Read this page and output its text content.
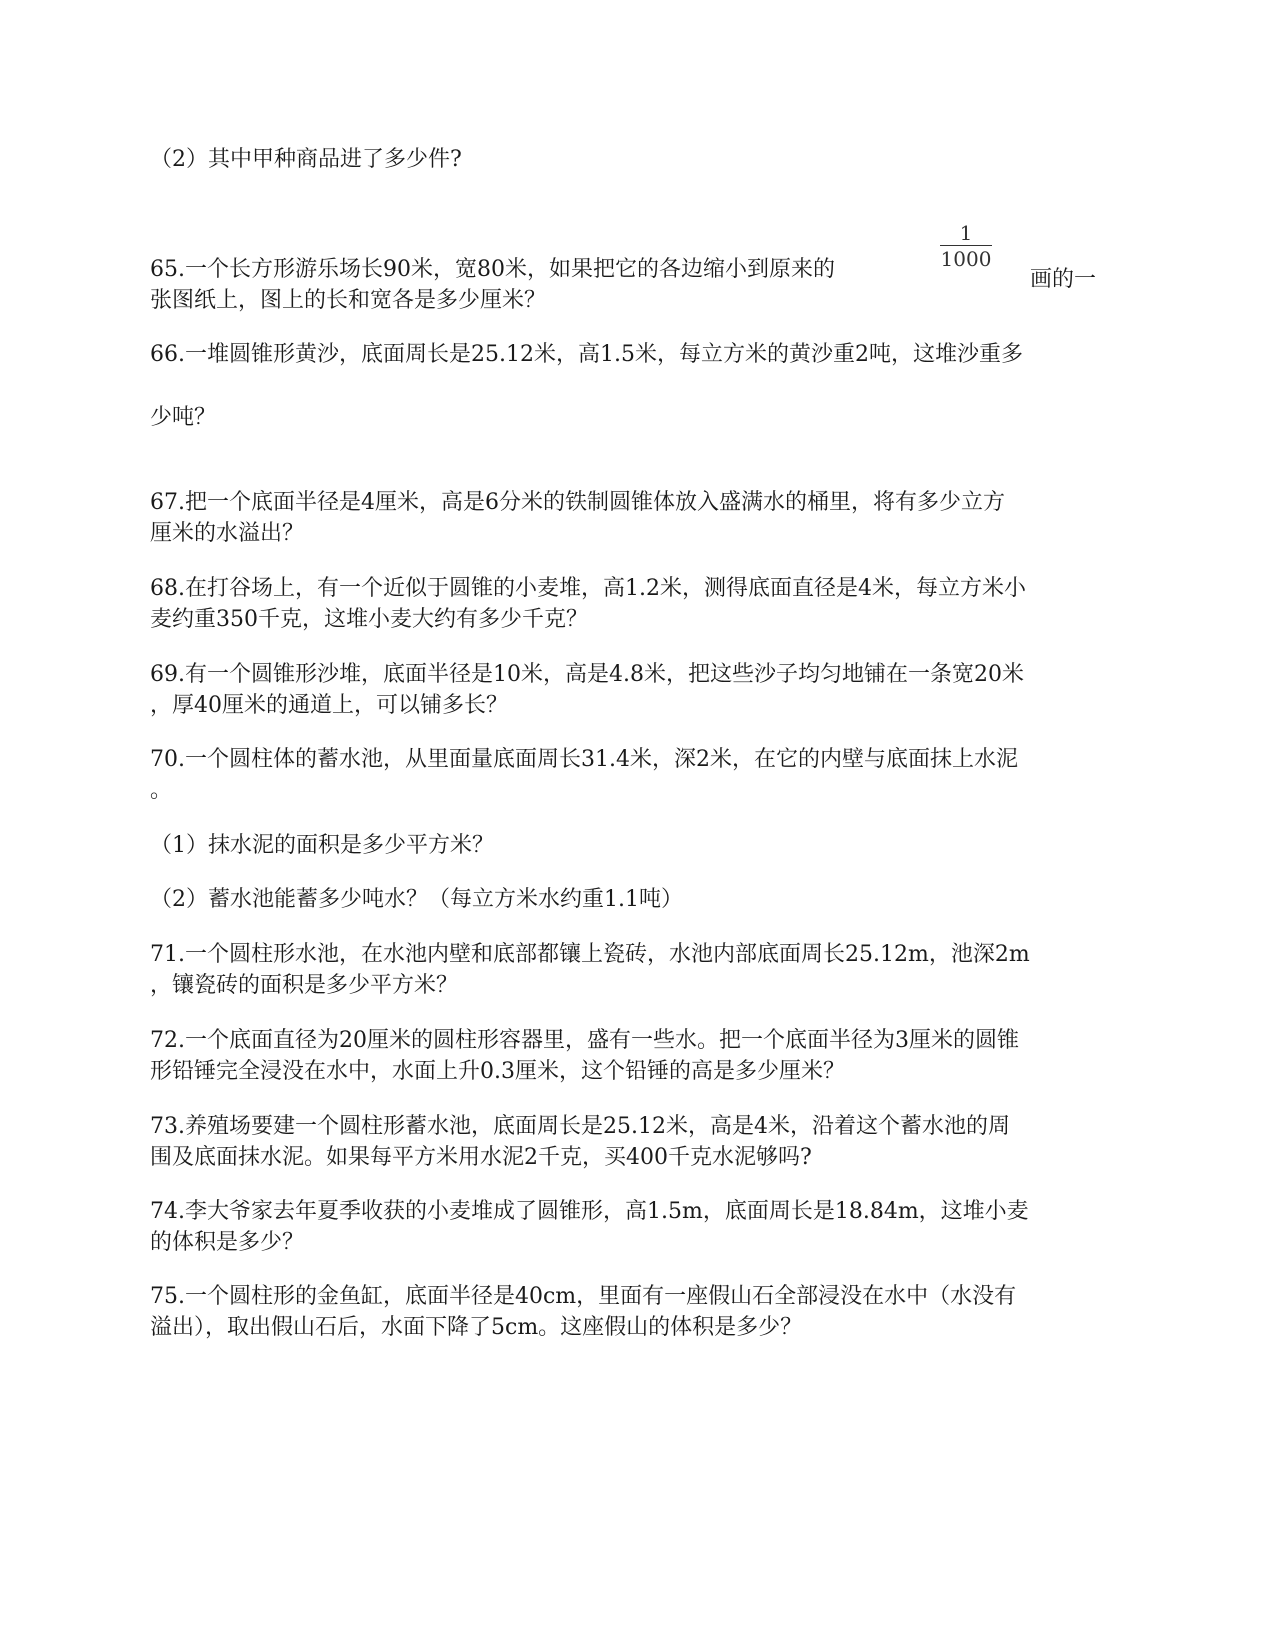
（2）其中甲种商品进了多少件?
65.一个长方形游乐场长90米，宽80米，如果把它的各边缩小到原来的
1
1000
画的一
张图纸上，图上的长和宽各是多少厘米？
66.一堆圆锥形黄沙，底面周长是25.12米，高1.5米，每立方米的黄沙重2吨，这堆沙重多
少吨？
67.把一个底面半径是4厘米，高是6分米的铁制圆锥体放入盛满水的桶里，将有多少立方
厘米的水溢出？
68.在打谷场上，有一个近似于圆锥的小麦堆，高1.2米，测得底面直径是4米，每立方米小
麦约重350千克，这堆小麦大约有多少千克？
69.有一个圆锥形沙堆，底面半径是10米，高是4.8米，把这些沙子均匀地铺在一条宽20米
，厚40厘米的通道上，可以铺多长？
70.一个圆柱体的蓄水池，从里面量底面周长31.4米，深2米，在它的内壁与底面抹上水泥
。
（1）抹水泥的面积是多少平方米？
（2）蓄水池能蓄多少吨水？（每立方米水约重1.1吨）
71.一个圆柱形水池，在水池内壁和底部都镶上瓷砖，水池内部底面周长25.12m，池深2m
，镶瓷砖的面积是多少平方米？
72.一个底面直径为20厘米的圆柱形容器里，盛有一些水。把一个底面半径为3厘米的圆锥
形铅锤完全浸没在水中，水面上升0.3厘米，这个铅锤的高是多少厘米？
73.养殖场要建一个圆柱形蓄水池，底面周长是25.12米，高是4米，沿着这个蓄水池的周
围及底面抹水泥。如果每平方米用水泥2千克，买400千克水泥够吗?
74.李大爷家去年夏季收获的小麦堆成了圆锥形，高1.5m，底面周长是18.84m，这堆小麦
的体积是多少？
75.一个圆柱形的金鱼缸，底面半径是40cm，里面有一座假山石全部浸没在水中（水没有
溢出），取出假山石后，水面下降了5cm。这座假山的体积是多少？
